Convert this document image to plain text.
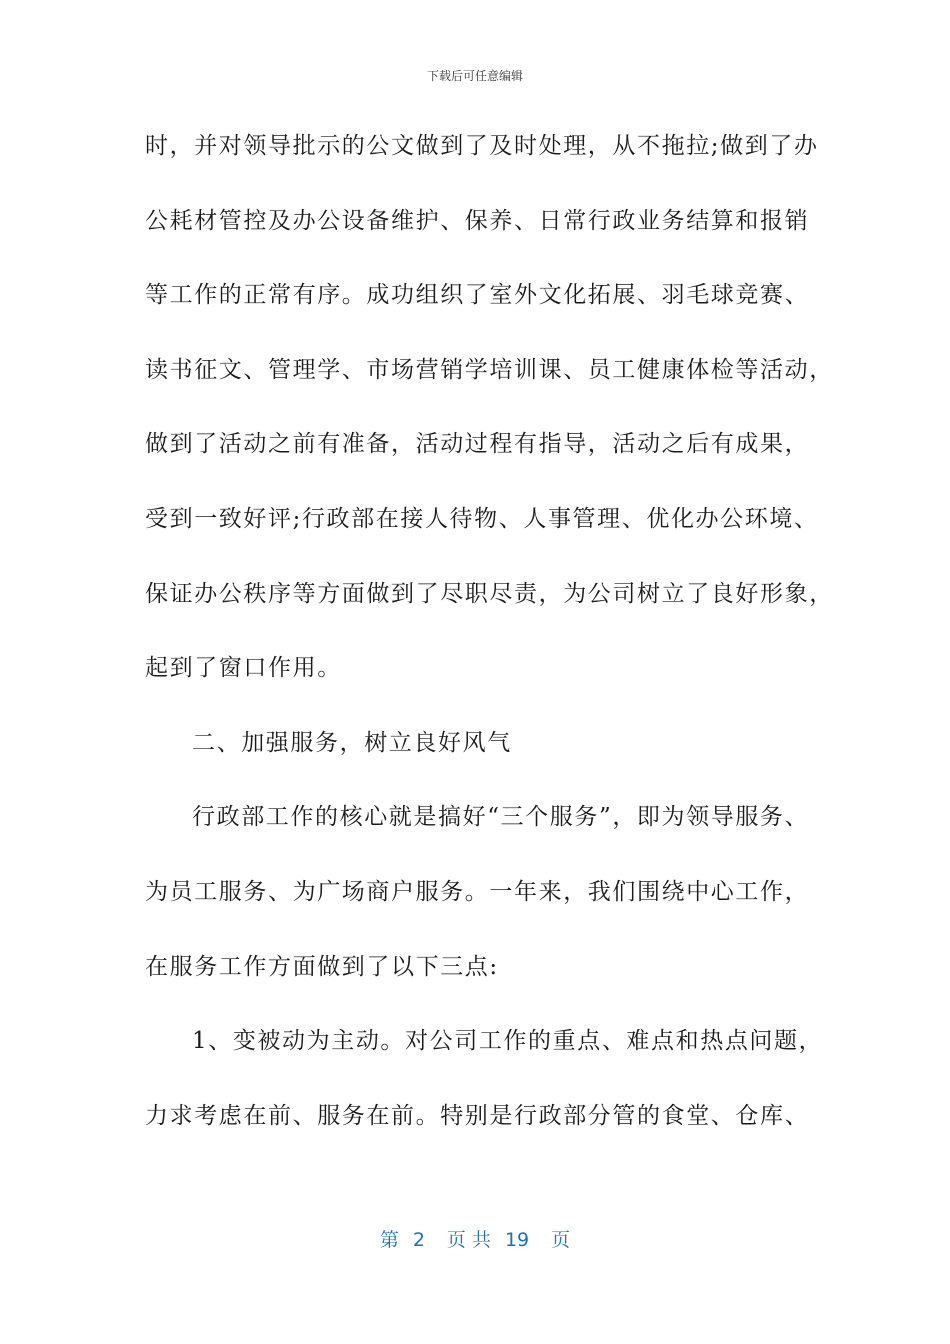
下载后可任意编辑
时，并对领导批示的公文做到了及时处理，从不拖拉;做到了办
公耗材管控及办公设备维护、保养、日常行政业务结算和报销
等工作的正常有序。成功组织了室外文化拓展、羽毛球竞赛、
读书征文、管理学、市场营销学培训课、员工健康体检等活动，
做到了活动之前有准备，活动过程有指导，活动之后有成果，
受到一致好评;行政部在接人待物、人事管理、优化办公环境、
保证办公秩序等方面做到了尽职尽责，为公司树立了良好形象，
起到了窗口作用。
二、加强服务，树立良好风气
行政部工作的核心就是搞好“三个服务”，即为领导服务、
为员工服务、为广场商户服务。一年来，我们围绕中心工作，
在服务工作方面做到了以下三点:
1、变被动为主动。对公司工作的重点、难点和热点问题，
力求考虑在前、服务在前。特别是行政部分管的食堂、仓库、
第 2 页 共 19 页
